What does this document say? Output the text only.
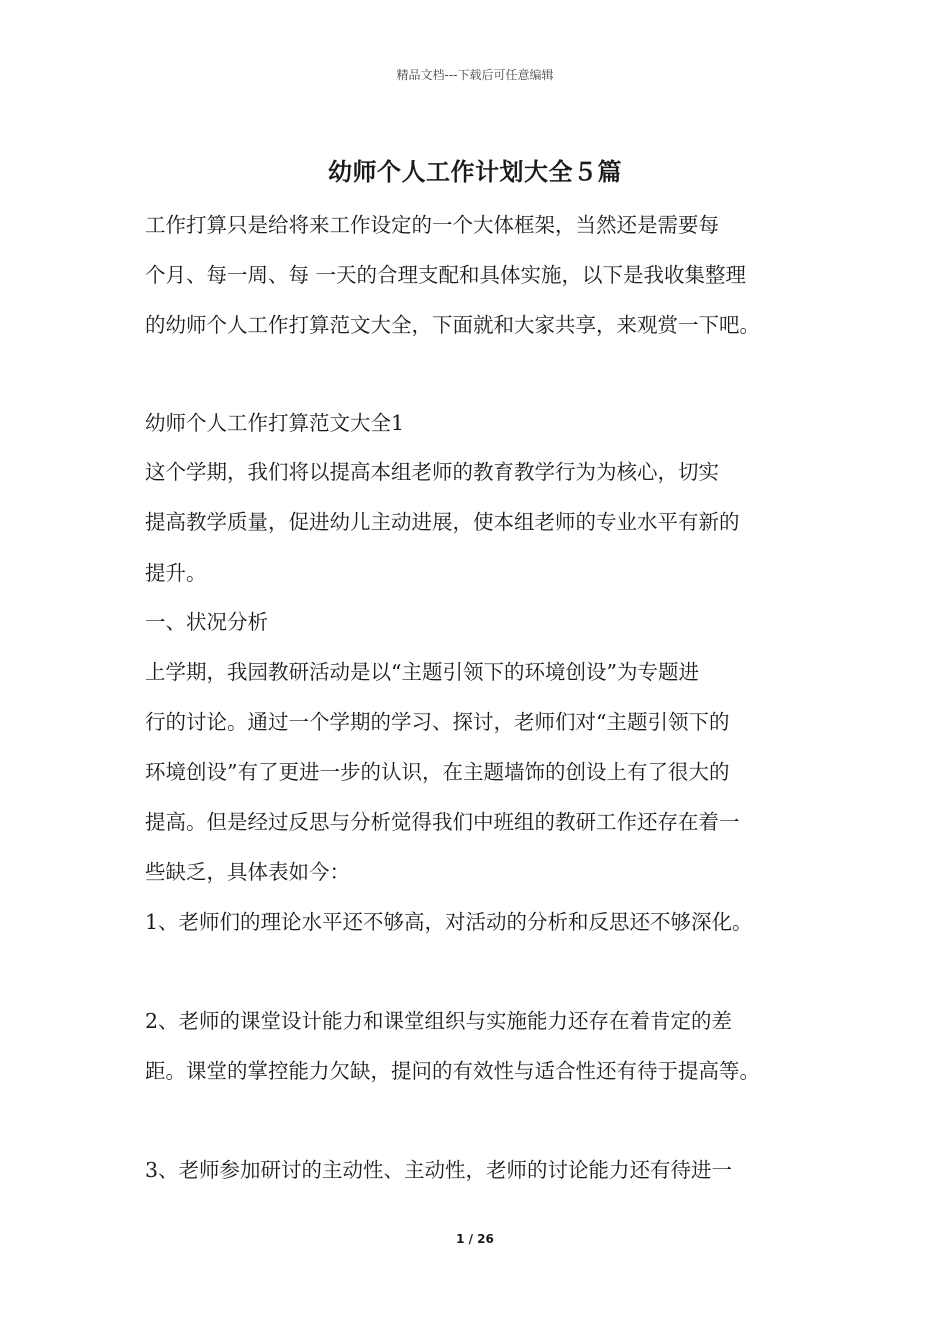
精品文档---下载后可任意编辑
幼师个人工作计划大全５篇
工作打算只是给将来工作设定的一个大体框架，当然还是需要每
个月、每一周、每 一天的合理支配和具体实施，以下是我收集整理
的幼师个人工作打算范文大全，下面就和大家共享，来观赏一下吧。
幼师个人工作打算范文大全1
这个学期，我们将以提高本组老师的教育教学行为为核心，切实
提高教学质量，促进幼儿主动进展，使本组老师的专业水平有新的
提升。
一、状况分析
上学期，我园教研活动是以“主题引领下的环境创设”为专题进
行的讨论。通过一个学期的学习、探讨，老师们对“主题引领下的
环境创设”有了更进一步的认识，在主题墙饰的创设上有了很大的
提高。但是经过反思与分析觉得我们中班组的教研工作还存在着一
些缺乏，具体表如今：
1、老师们的理论水平还不够高，对活动的分析和反思还不够深化。
2、老师的课堂设计能力和课堂组织与实施能力还存在着肯定的差
距。课堂的掌控能力欠缺，提问的有效性与适合性还有待于提高等。
3、老师参加研讨的主动性、主动性，老师的讨论能力还有待进一
1 / 26
